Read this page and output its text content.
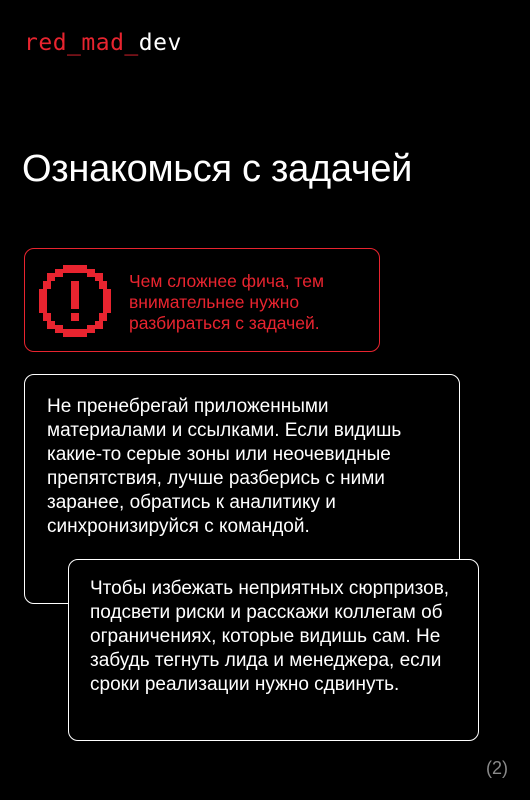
red_mad_dev
Ознакомься с задачей
Чем сложнее фича, тем внимательнее нужно разбираться с задачей.
Не пренебрегай приложенными материалами и ссылками. Если видишь какие-то серые зоны или неочевидные препятствия, лучше разберись с ними заранее, обратись к аналитику и синхронизируйся с командой.
Чтобы избежать неприятных сюрпризов, подсвети риски и расскажи коллегам об ограничениях, которые видишь сам. Не забудь тегнуть лида и менеджера, если сроки реализации нужно сдвинуть.
(2)
